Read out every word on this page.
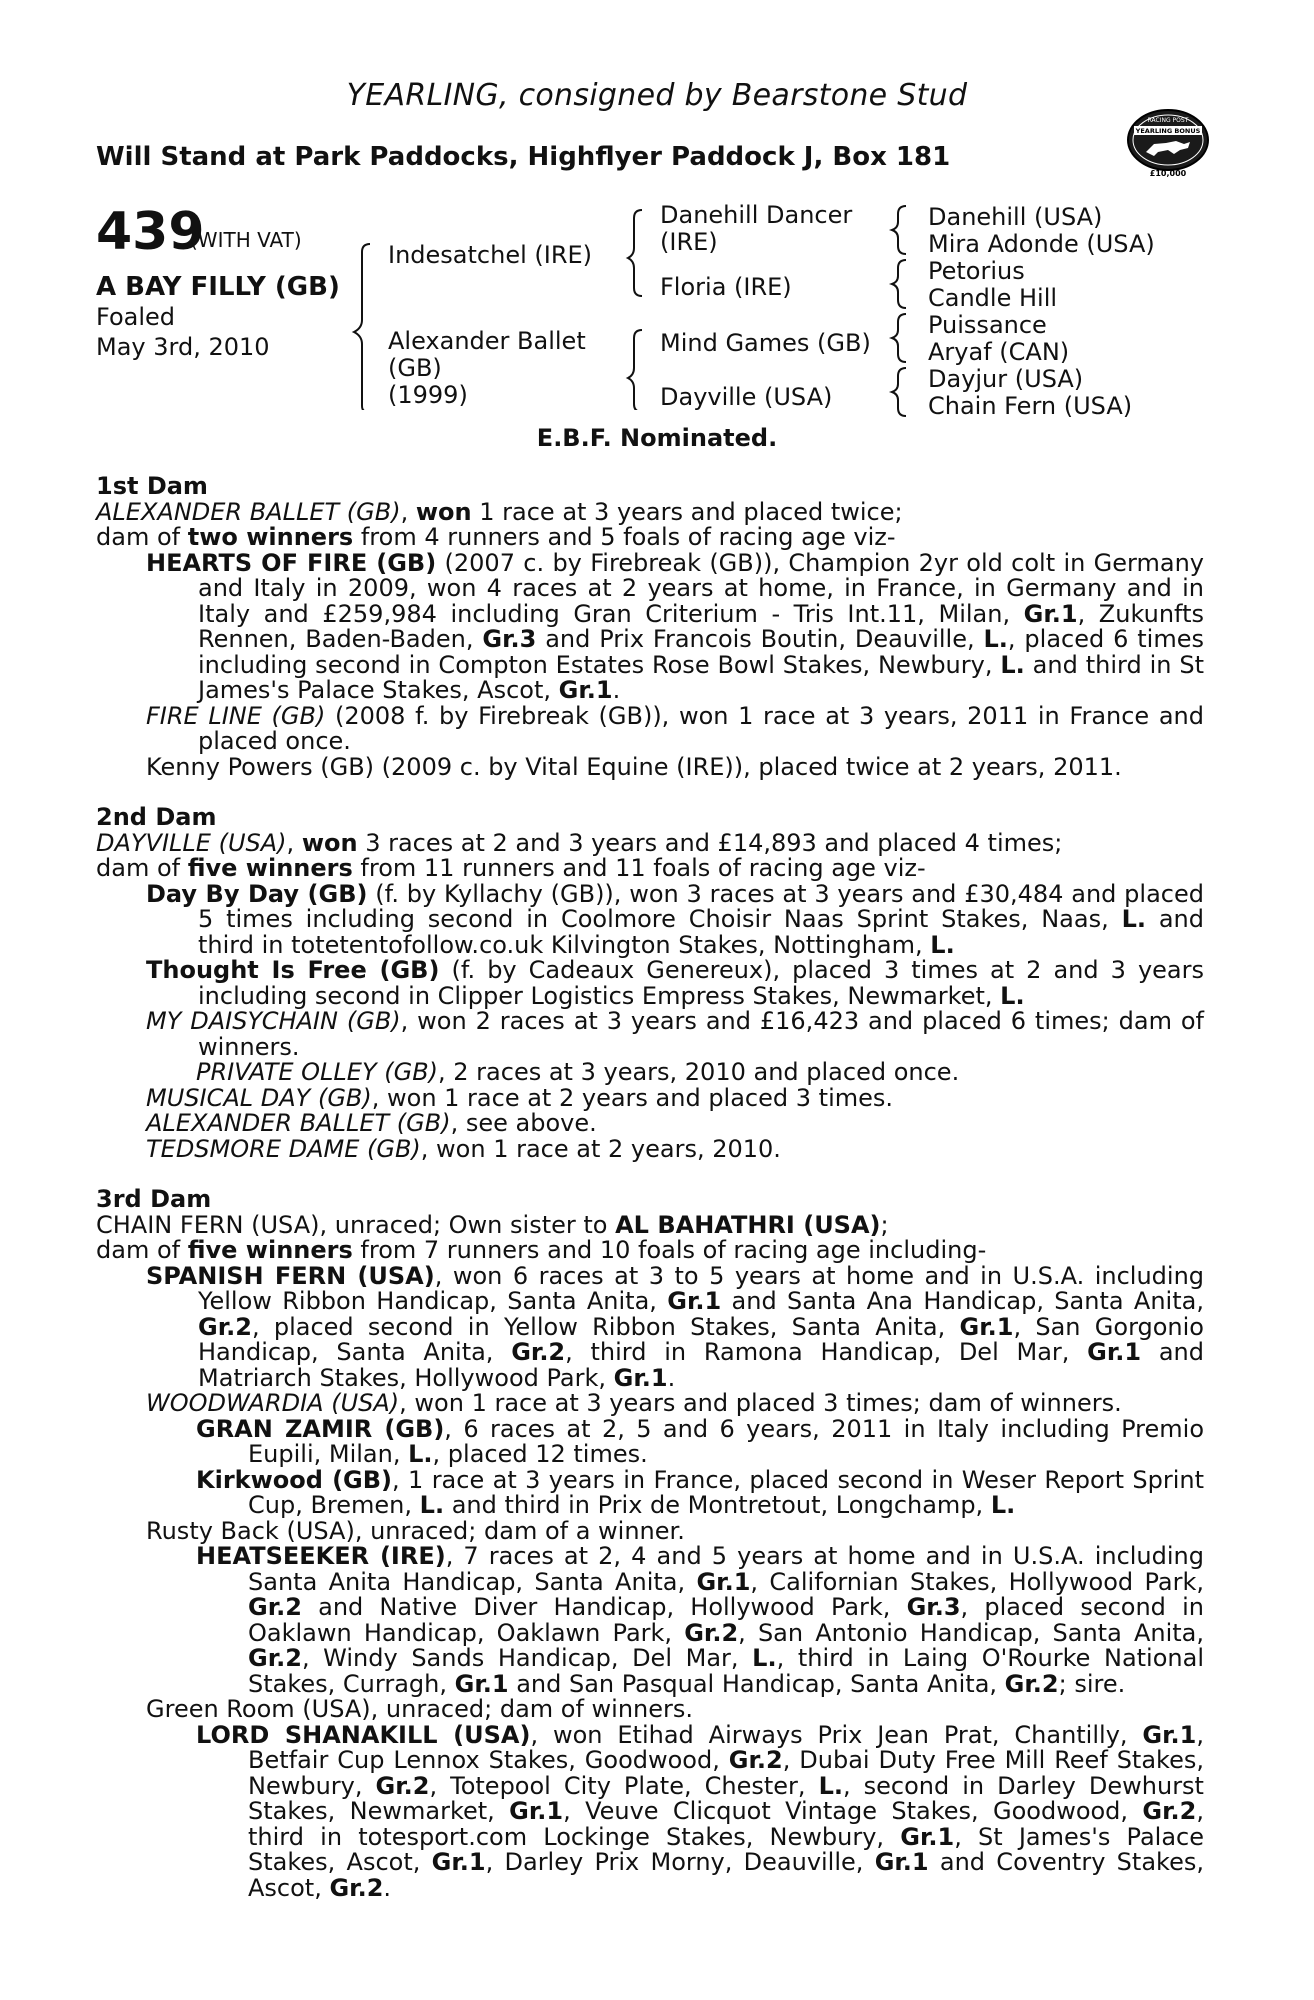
YEARLING, consigned by Bearstone Stud
Will Stand at Park Paddocks, Highflyer Paddock J, Box 181
RACING POST
YEARLING BONUS
£10,000
439
(WITH VAT)
A BAY FILLY (GB)
Foaled
May 3rd, 2010
Indesatchel (IRE)
Alexander Ballet
(GB)
(1999)
Danehill Dancer
(IRE)
Floria (IRE)
Mind Games (GB)
Dayville (USA)
Danehill (USA)
Mira Adonde (USA)
Petorius
Candle Hill
Puissance
Aryaf (CAN)
Dayjur (USA)
Chain Fern (USA)
E.B.F. Nominated.

1st Dam

ALEXANDER BALLET (GB), won 1 race at 3 years and placed twice;

dam of two winners from 4 runners and 5 foals of racing age viz-

HEARTS OF FIRE (GB) (2007 c. by Firebreak (GB)), Champion 2yr old colt in Germany and Italy in 2009, won 4 races at 2 years at home, in France, in Germany and in Italy and £259,984 including Gran Criterium - Tris Int.11, Milan, Gr.1, Zukunfts Rennen, Baden-Baden, Gr.3 and Prix Francois Boutin, Deauville, L., placed 6 times including second in Compton Estates Rose Bowl Stakes, Newbury, L. and third in St James's Palace Stakes, Ascot, Gr.1.

FIRE LINE (GB) (2008 f. by Firebreak (GB)), won 1 race at 3 years, 2011 in France and placed once.

Kenny Powers (GB) (2009 c. by Vital Equine (IRE)), placed twice at 2 years, 2011.

2nd Dam

DAYVILLE (USA), won 3 races at 2 and 3 years and £14,893 and placed 4 times;

dam of five winners from 11 runners and 11 foals of racing age viz-

Day By Day (GB) (f. by Kyllachy (GB)), won 3 races at 3 years and £30,484 and placed 5 times including second in Coolmore Choisir Naas Sprint Stakes, Naas, L. and third in totetentofollow.co.uk Kilvington Stakes, Nottingham, L.

Thought Is Free (GB) (f. by Cadeaux Genereux), placed 3 times at 2 and 3 years including second in Clipper Logistics Empress Stakes, Newmarket, L.

MY DAISYCHAIN (GB), won 2 races at 3 years and £16,423 and placed 6 times; dam of winners.

PRIVATE OLLEY (GB), 2 races at 3 years, 2010 and placed once.

MUSICAL DAY (GB), won 1 race at 2 years and placed 3 times.

ALEXANDER BALLET (GB), see above.

TEDSMORE DAME (GB), won 1 race at 2 years, 2010.

3rd Dam

CHAIN FERN (USA), unraced; Own sister to AL BAHATHRI (USA);

dam of five winners from 7 runners and 10 foals of racing age including-

SPANISH FERN (USA), won 6 races at 3 to 5 years at home and in U.S.A. including Yellow Ribbon Handicap, Santa Anita, Gr.1 and Santa Ana Handicap, Santa Anita, Gr.2, placed second in Yellow Ribbon Stakes, Santa Anita, Gr.1, San Gorgonio Handicap, Santa Anita, Gr.2, third in Ramona Handicap, Del Mar, Gr.1 and Matriarch Stakes, Hollywood Park, Gr.1.

WOODWARDIA (USA), won 1 race at 3 years and placed 3 times; dam of winners.

GRAN ZAMIR (GB), 6 races at 2, 5 and 6 years, 2011 in Italy including Premio Eupili, Milan, L., placed 12 times.

Kirkwood (GB), 1 race at 3 years in France, placed second in Weser Report Sprint Cup, Bremen, L. and third in Prix de Montretout, Longchamp, L.

Rusty Back (USA), unraced; dam of a winner.

HEATSEEKER (IRE), 7 races at 2, 4 and 5 years at home and in U.S.A. including Santa Anita Handicap, Santa Anita, Gr.1, Californian Stakes, Hollywood Park, Gr.2 and Native Diver Handicap, Hollywood Park, Gr.3, placed second in Oaklawn Handicap, Oaklawn Park, Gr.2, San Antonio Handicap, Santa Anita, Gr.2, Windy Sands Handicap, Del Mar, L., third in Laing O'Rourke National Stakes, Curragh, Gr.1 and San Pasqual Handicap, Santa Anita, Gr.2; sire.

Green Room (USA), unraced; dam of winners.

LORD SHANAKILL (USA), won Etihad Airways Prix Jean Prat, Chantilly, Gr.1, Betfair Cup Lennox Stakes, Goodwood, Gr.2, Dubai Duty Free Mill Reef Stakes, Newbury, Gr.2, Totepool City Plate, Chester, L., second in Darley Dewhurst Stakes, Newmarket, Gr.1, Veuve Clicquot Vintage Stakes, Goodwood, Gr.2, third in totesport.com Lockinge Stakes, Newbury, Gr.1, St James's Palace Stakes, Ascot, Gr.1, Darley Prix Morny, Deauville, Gr.1 and Coventry Stakes, Ascot, Gr.2.
